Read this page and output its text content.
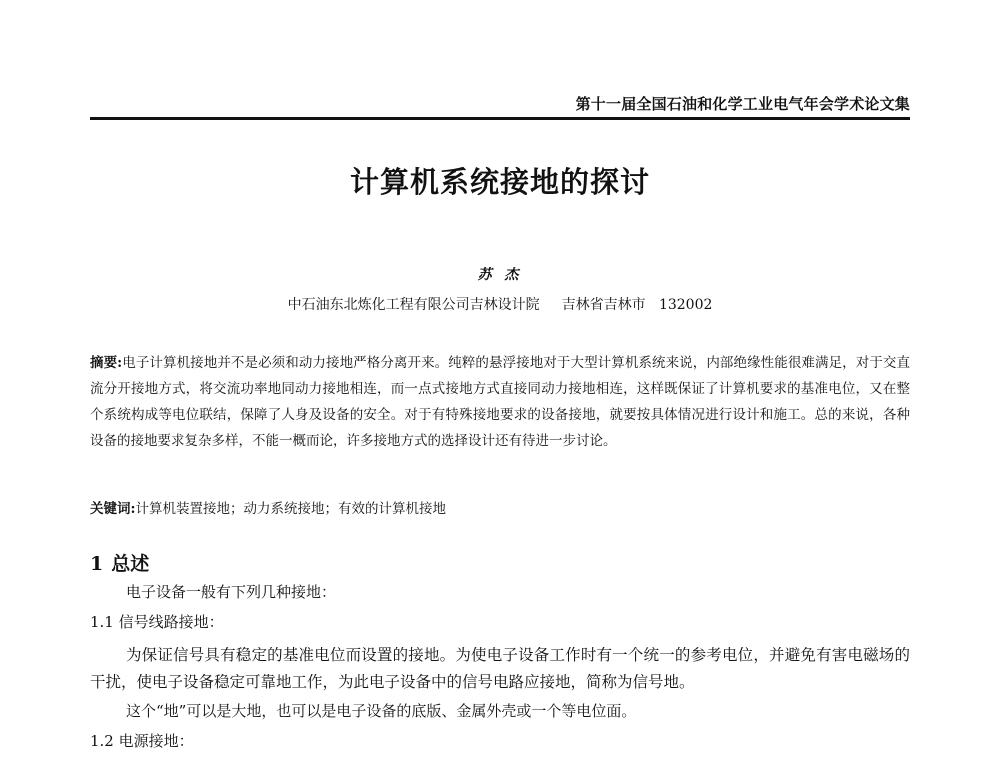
第十一届全国石油和化学工业电气年会学术论文集
计算机系统接地的探讨
苏 杰
中石油东北炼化工程有限公司吉林设计院 吉林省吉林市 132002
摘要:电子计算机接地并不是必须和动力接地严格分离开来。纯粹的悬浮接地对于大型计算机系统来说，内部绝缘性能很难满足，对于交直流分开接地方式，将交流功率地同动力接地相连，而一点式接地方式直接同动力接地相连，这样既保证了计算机要求的基准电位，又在整个系统构成等电位联结，保障了人身及设备的安全。对于有特殊接地要求的设备接地，就要按具体情况进行设计和施工。总的来说，各种设备的接地要求复杂多样，不能一概而论，许多接地方式的选择设计还有待进一步讨论。
关键词:计算机装置接地；动力系统接地；有效的计算机接地
1 总述
电子设备一般有下列几种接地：
1.1 信号线路接地：
为保证信号具有稳定的基准电位而设置的接地。为使电子设备工作时有一个统一的参考电位，并避免有害电磁场的干扰，使电子设备稳定可靠地工作，为此电子设备中的信号电路应接地，简称为信号地。
这个“地”可以是大地，也可以是电子设备的底版、金属外壳或一个等电位面。
1.2 电源接地：
